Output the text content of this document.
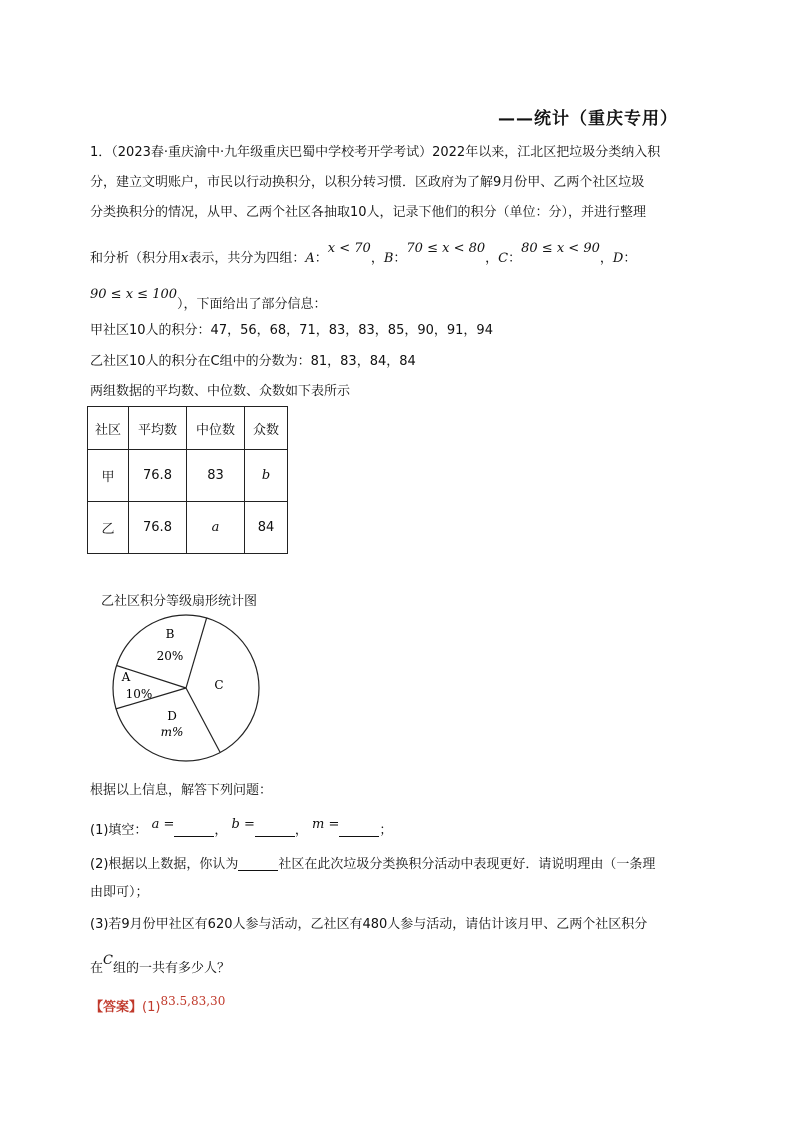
——统计（重庆专用）
1．（2023春·重庆渝中·九年级重庆巴蜀中学校考开学考试）2022年以来，江北区把垃圾分类纳入积
分，建立文明账户，市民以行动换积分，以积分转习惯．区政府为了解9月份甲、乙两个社区垃圾
分类换积分的情况，从甲、乙两个社区各抽取10人，记录下他们的积分（单位：分），并进行整理
和分析（积分用x表示，共分为四组：A：x < 70，B：70 ≤ x < 80，C：80 ≤ x < 90，D：
90 ≤ x ≤ 100），下面给出了部分信息：
甲社区10人的积分：47，56，68，71，83，83，85，90，91，94
乙社区10人的积分在C组中的分数为：81，83，84，84
两组数据的平均数、中位数、众数如下表所示
社区	平均数	中位数	众数
甲	76.8	83	b
乙	76.8	a	84
乙社区积分等级扇形统计图
B
20%
C
D
m%
A
10%
根据以上信息，解答下列问题：
(1)填空： a =	， b =	， m =	；
(2)根据以上数据，你认为	社区在此次垃圾分类换积分活动中表现更好．请说明理由（一条理
由即可）；
(3)若9月份甲社区有620人参与活动，乙社区有480人参与活动，请估计该月甲、乙两个社区积分
在C组的一共有多少人？
【答案】(1)83.5,83,30
